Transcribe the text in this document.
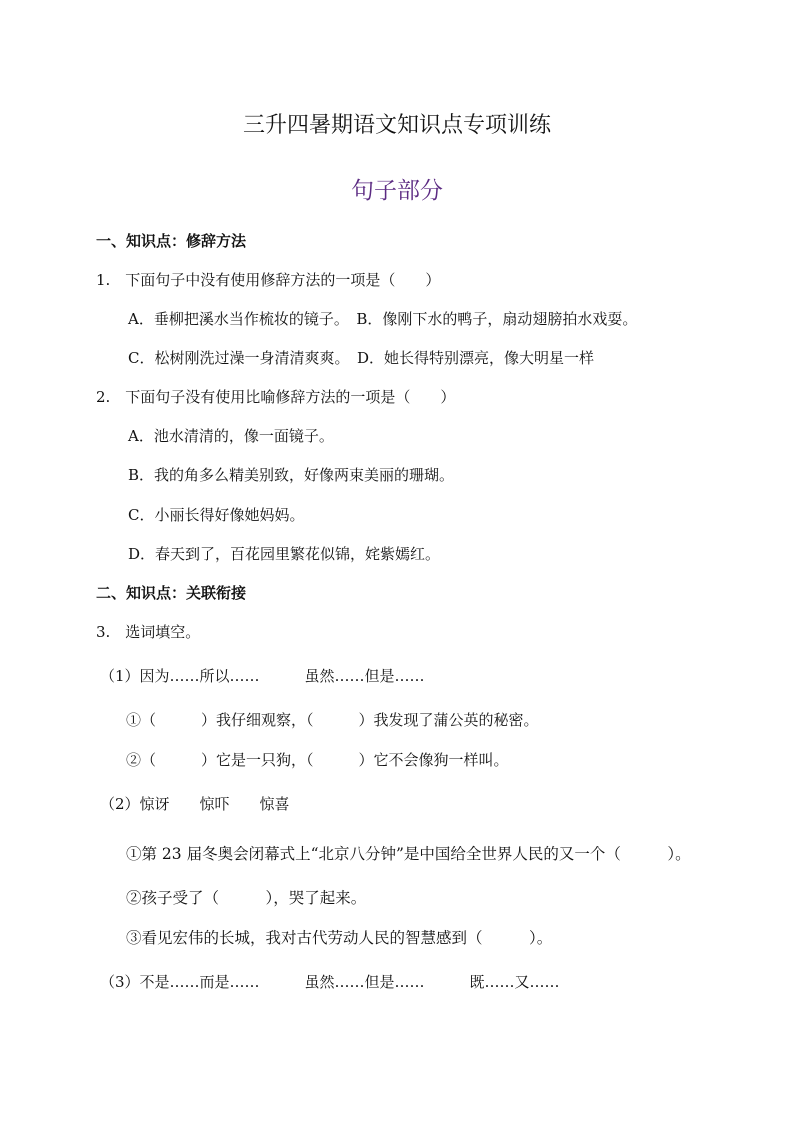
三升四暑期语文知识点专项训练
句子部分
一、知识点：修辞方法
1.　下面句子中没有使用修辞方法的一项是（　　）
A．垂柳把溪水当作梳妆的镜子。　B．像刚下水的鸭子，扇动翅膀拍水戏耍。
C．松树刚洗过澡一身清清爽爽。　D．她长得特别漂亮，像大明星一样
2.　下面句子没有使用比喻修辞方法的一项是（　　）
A．池水清清的，像一面镜子。
B．我的角多么精美别致，好像两束美丽的珊瑚。
C．小丽长得好像她妈妈。
D．春天到了，百花园里繁花似锦，姹紫嫣红。
二、知识点：关联衔接
3.　选词填空。
（1）因为……所以……　　　虽然……但是……
①（　　　）我仔细观察，（　　　）我发现了蒲公英的秘密。
②（　　　）它是一只狗，（　　　）它不会像狗一样叫。
（2）惊讶　　惊吓　　惊喜
①第 23 届冬奥会闭幕式上“北京八分钟”是中国给全世界人民的又一个（　　　）。
②孩子受了（　　　），哭了起来。
③看见宏伟的长城，我对古代劳动人民的智慧感到（　　　）。
（3）不是……而是……　　　虽然……但是……　　　既……又……
